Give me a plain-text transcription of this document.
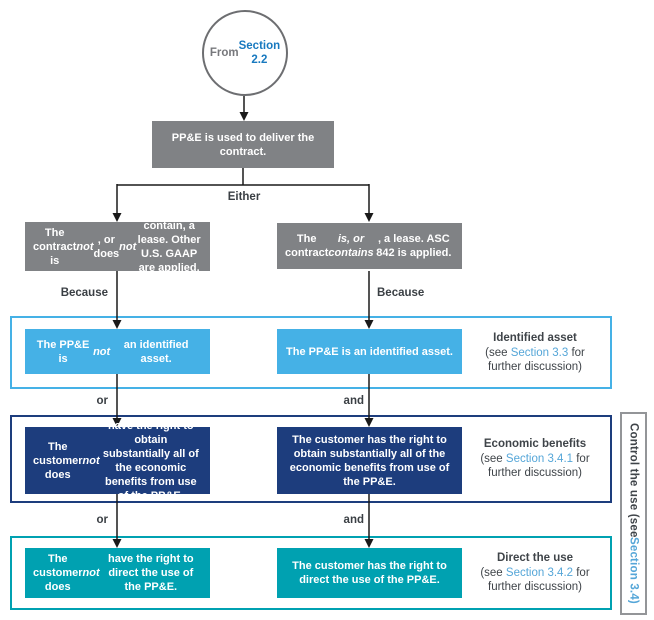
From
Section 2.2
PP&E is used to deliver the contract.
The contract is
not
, or does
not
contain, a lease. Other U.S. GAAP are applied.
The contract
is, or contains
, a lease. ASC 842 is applied.
The PP&E is
not
an identified asset.
The PP&E is an identified asset.
The customer does
not
have the right to obtain substantially all of the economic benefits from use of the PP&E.
The customer has the right to obtain substantially all of the economic benefits from use of the PP&E.
The customer does
not
have the right to direct the use of the PP&E.
The customer has the right to direct the use of the PP&E.
Either
Because	Because
or	and
or	and
Identified asset
(see Section 3.3 for further discussion)
Economic benefits
(see Section 3.4.1 for further discussion)
Direct the use
(see Section 3.4.2 for further discussion)
Control the use (see
Section 3.4)
